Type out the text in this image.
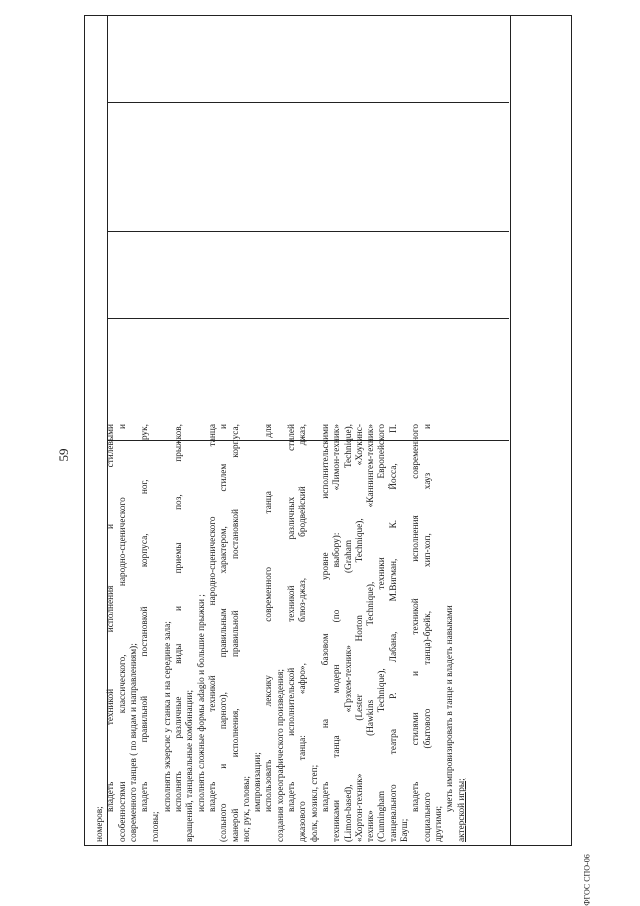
59
ФГОС СПО-06
номеров;
владеть техникой исполнения и стилевыми особенностями классического, народно-сценического и современного танцев ( по видам и направлениям); владеть правильной постановкой корпуса, ног, рук,
головы;
исполнять экзерсис у станка и на середине зала; исполнять различные виды и приемы поз, прыжков, вращений, танцевальные комбинации; исполнять сложные формы adagio и большие прыжки ; владеть техникой народно-сценического танца (сольного и парного), правильным характером, стилем и манерой исполнения, правильной постановкой корпуса, ног, рук, головы; импровизации; использовать лексику современного танца для создания хореографического произведения; владеть исполнительской техникой различных стилей джазового танца: «афро», блюз-джаз, бродвейский джаз, фолк, мозикл, степ; владеть на базовом уровне исполнительскими техниками танца модерн (по выбору): «Лимон-техник» (Limon-based), «Грэхем-техник» (Graham Technique), «Хортон-техник» (Lester Horton Technique), «Хоукинс- техник» (Hawkins Technique), «Каннингем-техник» (Cunningham Technique), техники Европейского танцевального театра Р. Лабана, М.Вигман, К. Йосса, П. Бауш;
владеть стилями и техникой исполнения современного социального (бытового танца)-брейк, хип-хоп, хауз и другими;
уметь импровизировать в танце и владеть навыками актерской игры;
